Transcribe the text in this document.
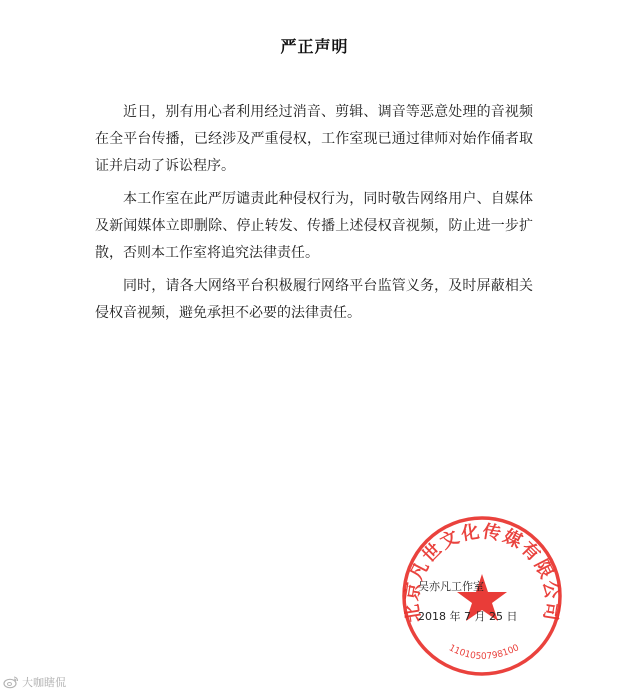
严正声明

近日，别有用心者利用经过消音、剪辑、调音等恶意处理的音视频在全平台传播，已经涉及严重侵权，工作室现已通过律师对始作俑者取证并启动了诉讼程序。

本工作室在此严厉谴责此种侵权行为，同时敬告网络用户、自媒体及新闻媒体立即删除、停止转发、传播上述侵权音视频，防止进一步扩散，否则本工作室将追究法律责任。

同时，请各大网络平台积极履行网络平台监管义务，及时屏蔽相关侵权音视频，避免承担不必要的法律责任。

北京凡世文化传媒有限公司
1101050798100
吴亦凡工作室
2018 年 7 月 25 日
大咖瞎侃
